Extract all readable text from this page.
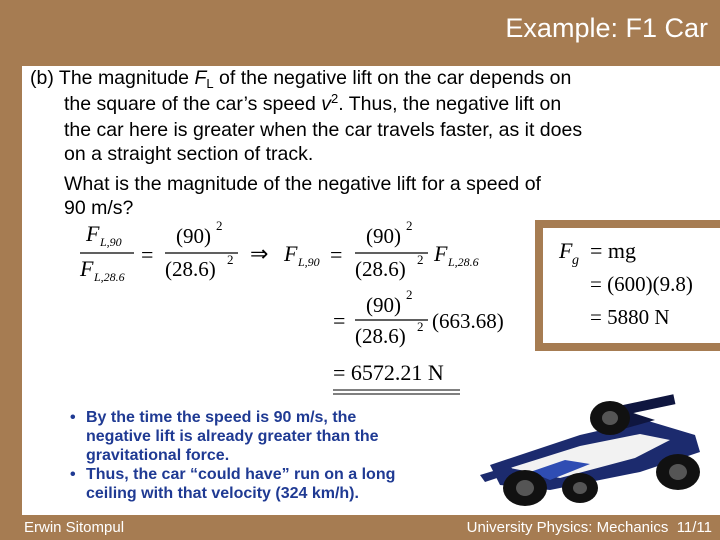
Example: F1 Car

(b) The magnitude $F_L$ of the negative lift on the car depends on
the square of the car’s speed $v^2$. Thus, the negative lift on
the car here is greater when the car travels faster, as it does
on a straight section of track.

What is the magnitude of the negative lift for a speed of
90 m/s?

F L,90
F L,28.6
=
(90) 2
(28.6) 2 ⇒ F L,90 =
(90) 2
(28.6) 2 F L,28.6
=
(90) 2
(28.6) 2 (663.68)
= 6572.21 N
F g = mg
= (600)(9.8)
= 5880 N
• By the time the speed is 90 m/s, the
negative lift is already greater than the
gravitational force.
• Thus, the car “could have” run on a long
ceiling with that velocity (324 km/h).
Erwin Sitompul	University Physics: Mechanics 11/11
